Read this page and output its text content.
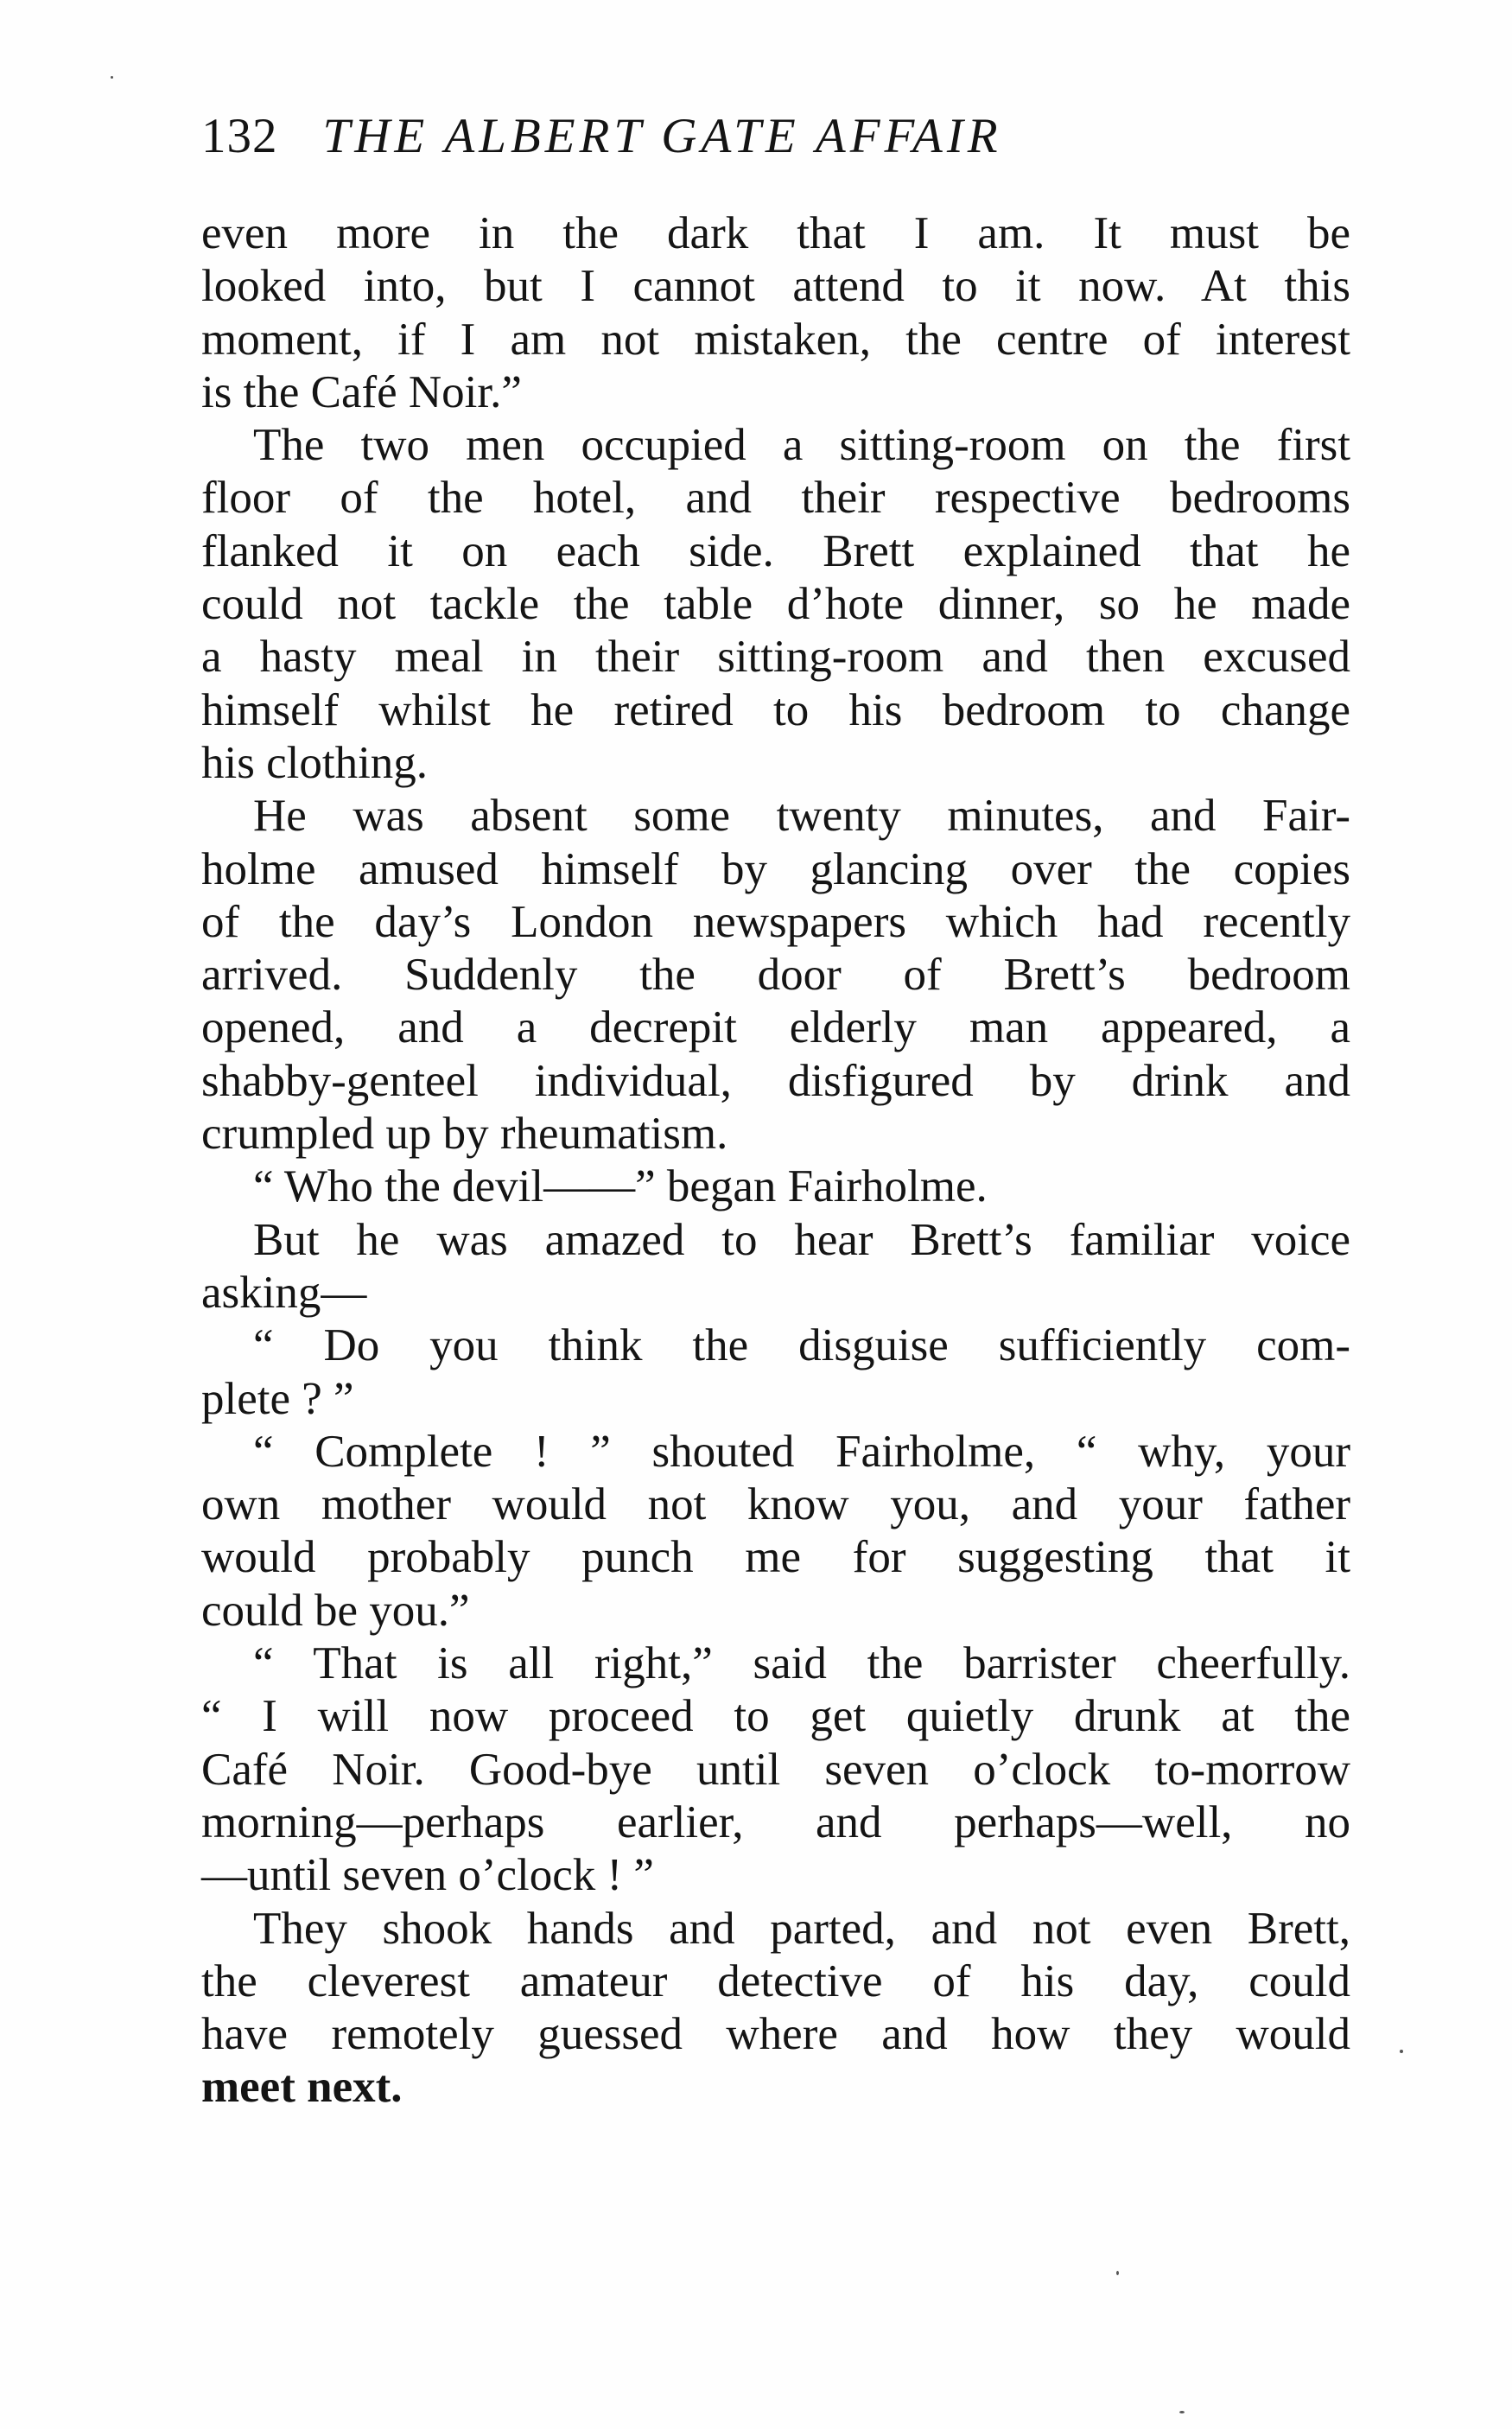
132 THE ALBERT GATE AFFAIR
even more in the dark that I am. It must be
looked into, but I cannot attend to it now. At this
moment, if I am not mistaken, the centre of interest
is the Café Noir.”
The two men occupied a sitting-room on the first
floor of the hotel, and their respective bedrooms
flanked it on each side. Brett explained that he
could not tackle the table d’hote dinner, so he made
a hasty meal in their sitting-room and then excused
himself whilst he retired to his bedroom to change
his clothing.
He was absent some twenty minutes, and Fair-
holme amused himself by glancing over the copies
of the day’s London newspapers which had recently
arrived. Suddenly the door of Brett’s bedroom
opened, and a decrepit elderly man appeared, a
shabby-genteel individual, disfigured by drink and
crumpled up by rheumatism.
“ Who the devil——” began Fairholme.
But he was amazed to hear Brett’s familiar voice
asking—
“ Do you think the disguise sufficiently com-
plete ? ”
“ Complete ! ” shouted Fairholme, “ why, your
own mother would not know you, and your father
would probably punch me for suggesting that it
could be you.”
“ That is all right,” said the barrister cheerfully.
“ I will now proceed to get quietly drunk at the
Café Noir. Good-bye until seven o’clock to-morrow
morning—perhaps earlier, and perhaps—well, no
—until seven o’clock ! ”
They shook hands and parted, and not even Brett,
the cleverest amateur detective of his day, could
have remotely guessed where and how they would
meet next.
